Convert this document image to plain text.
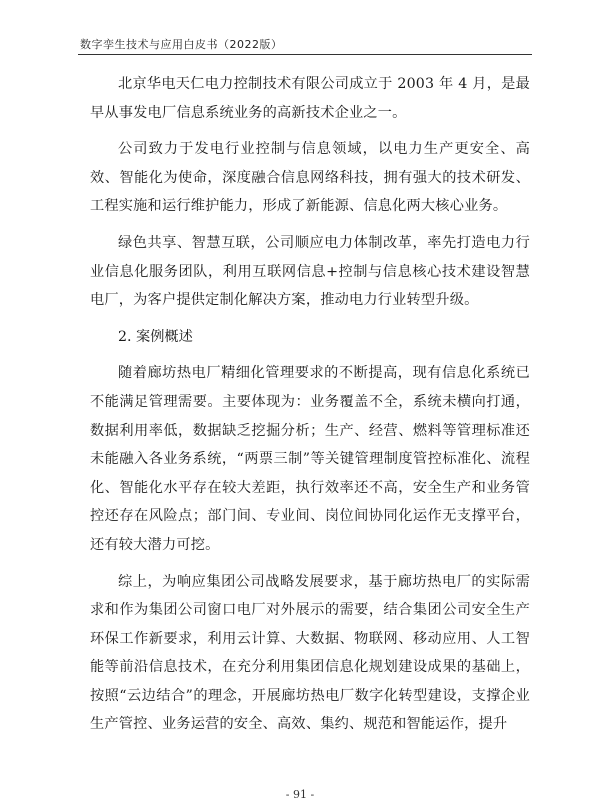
数字孪生技术与应用白皮书（2022版）

北京华电天仁电力控制技术有限公司成立于 2003 年 4 月，是最早从事发电厂信息系统业务的高新技术企业之一。

公司致力于发电行业控制与信息领域，以电力生产更安全、高效、智能化为使命，深度融合信息网络科技，拥有强大的技术研发、工程实施和运行维护能力，形成了新能源、信息化两大核心业务。

绿色共享、智慧互联，公司顺应电力体制改革，率先打造电力行业信息化服务团队，利用互联网信息+控制与信息核心技术建设智慧电厂，为客户提供定制化解决方案，推动电力行业转型升级。

2. 案例概述

随着廊坊热电厂精细化管理要求的不断提高，现有信息化系统已不能满足管理需要。主要体现为：业务覆盖不全，系统未横向打通，数据利用率低，数据缺乏挖掘分析；生产、经营、燃料等管理标准还未能融入各业务系统，“两票三制”等关键管理制度管控标准化、流程化、智能化水平存在较大差距，执行效率还不高，安全生产和业务管控还存在风险点；部门间、专业间、岗位间协同化运作无支撑平台，还有较大潜力可挖。

综上，为响应集团公司战略发展要求，基于廊坊热电厂的实际需求和作为集团公司窗口电厂对外展示的需要，结合集团公司安全生产环保工作新要求，利用云计算、大数据、物联网、移动应用、人工智能等前沿信息技术，在充分利用集团信息化规划建设成果的基础上，按照“云边结合”的理念，开展廊坊热电厂数字化转型建设，支撑企业生产管控、业务运营的安全、高效、集约、规范和智能运作，提升

- 91 -
